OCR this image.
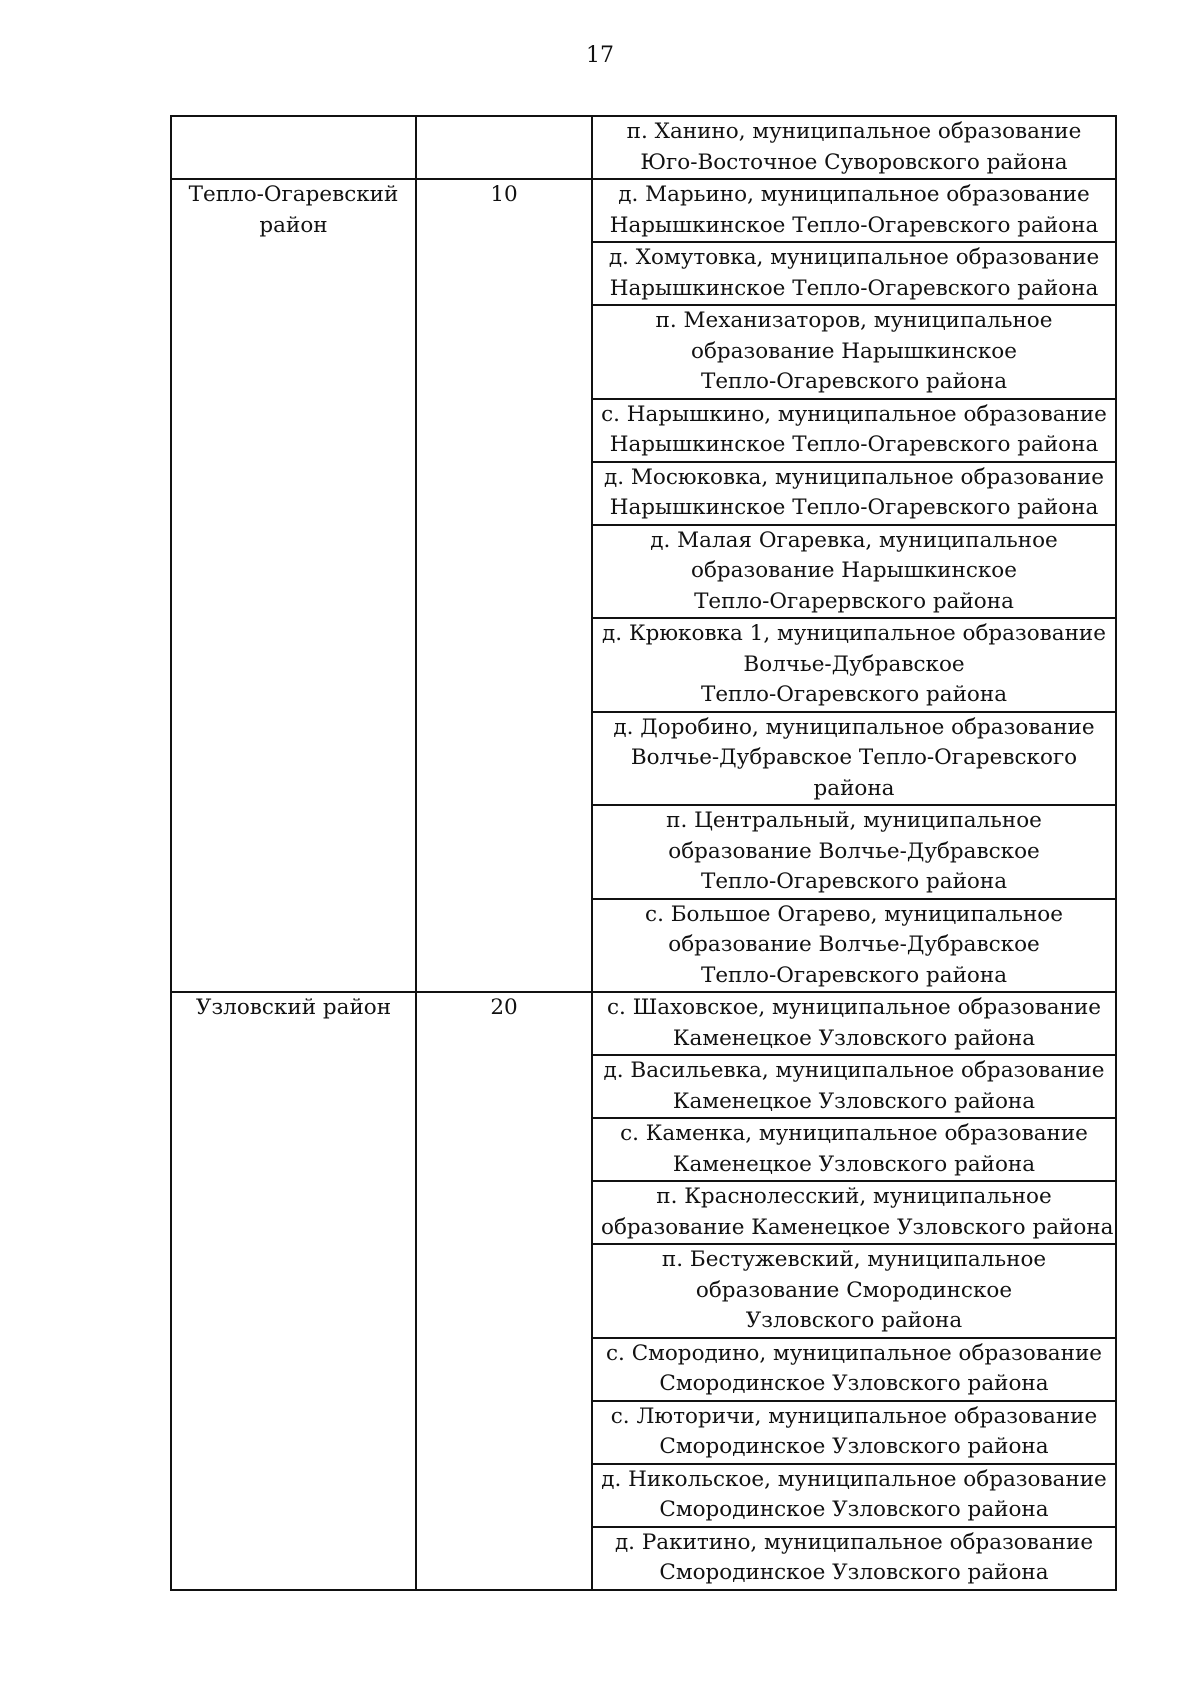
17

		п. Ханино, муниципальное образование
Юго-Восточное Суворовского района

Тепло-Огаревский район	10	д. Марьино, муниципальное образование
Нарышкинское Тепло-Огаревского района

		д. Хомутовка, муниципальное образование
Нарышкинское Тепло-Огаревского района

		п. Механизаторов, муниципальное
образование Нарышкинское
Тепло-Огаревского района

		с. Нарышкино, муниципальное образование
Нарышкинское Тепло-Огаревского района

		д. Мосюковка, муниципальное образование
Нарышкинское Тепло-Огаревского района

		д. Малая Огаревка, муниципальное
образование Нарышкинское
Тепло-Огарервского района

		д. Крюковка 1, муниципальное образование
Волчье-Дубравское
Тепло-Огаревского района

		д. Доробино, муниципальное образование
Волчье-Дубравское Тепло-Огаревского
района

		п. Центральный, муниципальное
образование Волчье-Дубравское
Тепло-Огаревского района

		с. Большое Огарево, муниципальное
образование Волчье-Дубравское
Тепло-Огаревского района

Узловский район	20	с. Шаховское, муниципальное образование
Каменецкое Узловского района

		д. Васильевка, муниципальное образование
Каменецкое Узловского района

		с. Каменка, муниципальное образование
Каменецкое Узловского района

		п. Краснолесский, муниципальное
образование Каменецкое Узловского района

		п. Бестужевский, муниципальное
образование Смородинское
Узловского района

		с. Смородино, муниципальное образование
Смородинское Узловского района

		с. Люторичи, муниципальное образование
Смородинское Узловского района

		д. Никольское, муниципальное образование
Смородинское Узловского района

		д. Ракитино, муниципальное образование
Смородинское Узловского района
